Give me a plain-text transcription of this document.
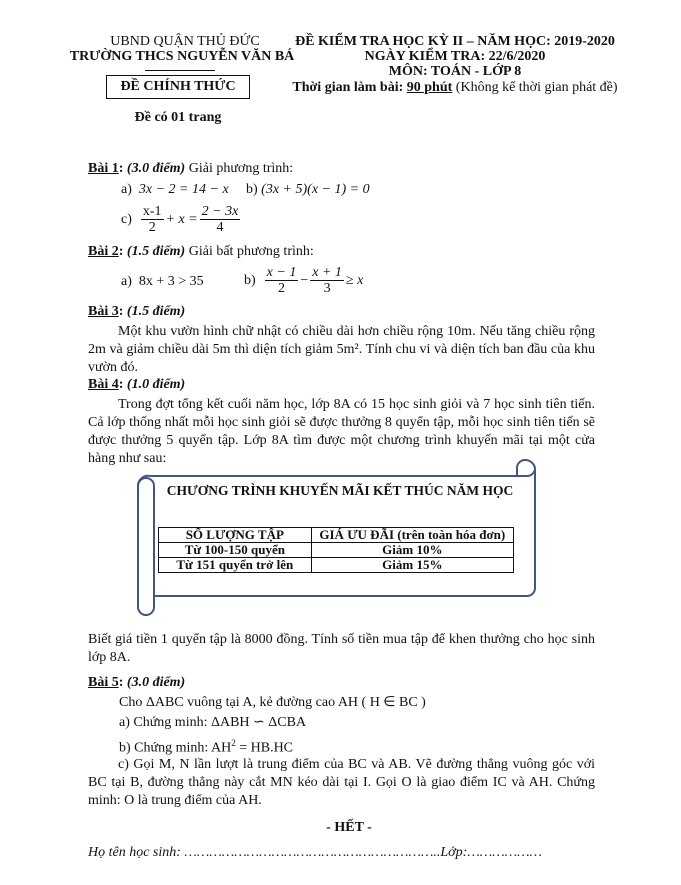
UBND QUẬN THỦ ĐỨC
TRƯỜNG THCS NGUYỄN VĂN BÁ
ĐỀ CHÍNH THỨC
Đề có 01 trang
ĐỀ KIỂM TRA HỌC KỲ II – NĂM HỌC: 2019-2020
NGÀY KIỂM TRA: 22/6/2020
MÔN: TOÁN - LỚP 8
Thời gian làm bài: 90 phút (Không kể thời gian phát đề)
Bài 1: (3.0 điểm) Giải phương trình:
a) 3x − 2 = 14 − x b) (3x + 5)(x − 1) = 0
$c) \frac{x-1}{2} + x = \frac{2 - 3x}{4}$
Bài 2: (1.5 điểm) Giải bất phương trình:
a) 8x + 3 > 35	$b) \frac{x - 1}{2} - \frac{x + 1}{3} \ge x$
Bài 3: (1.5 điểm)
Một khu vườn hình chữ nhật có chiều dài hơn chiều rộng 10m. Nếu tăng chiều rộng 2m và giảm chiều dài 5m thì diện tích giảm 5m². Tính chu vi và diện tích ban đầu của khu vườn đó.
Bài 4: (1.0 điểm)
Trong đợt tổng kết cuối năm học, lớp 8A có 15 học sinh giỏi và 7 học sinh tiên tiến. Cả lớp thống nhất mỗi học sinh giỏi sẽ được thưởng 8 quyển tập, mỗi học sinh tiên tiến sẽ được thưởng 5 quyển tập. Lớp 8A tìm được một chương trình khuyến mãi tại một cửa hàng như sau:
CHƯƠNG TRÌNH KHUYẾN MÃI KẾT THÚC NĂM HỌC
SỐ LƯỢNG TẬP	GIÁ ƯU ĐÃI (trên toàn hóa đơn)
Từ 100-150 quyển	Giảm 10%
Từ 151 quyển trở lên	Giảm 15%
Biết giá tiền 1 quyển tập là 8000 đồng. Tính số tiền mua tập để khen thưởng cho học sinh lớp 8A.
Bài 5: (3.0 điểm)
Cho ΔABC vuông tại A, kẻ đường cao AH ( H ∈ BC )
a) Chứng minh: ΔABH ∽ ΔCBA
b) Chứng minh: $AH^2 = HB.HC$
c) Gọi M, N lần lượt là trung điểm của BC và AB. Vẽ đường thẳng vuông góc với BC tại B, đường thẳng này cắt MN kéo dài tại I. Gọi O là giao điểm IC và AH. Chứng minh: O là trung điểm của AH.
- HẾT -
Họ tên học sinh: ……………………………………………………..Lớp:………………
